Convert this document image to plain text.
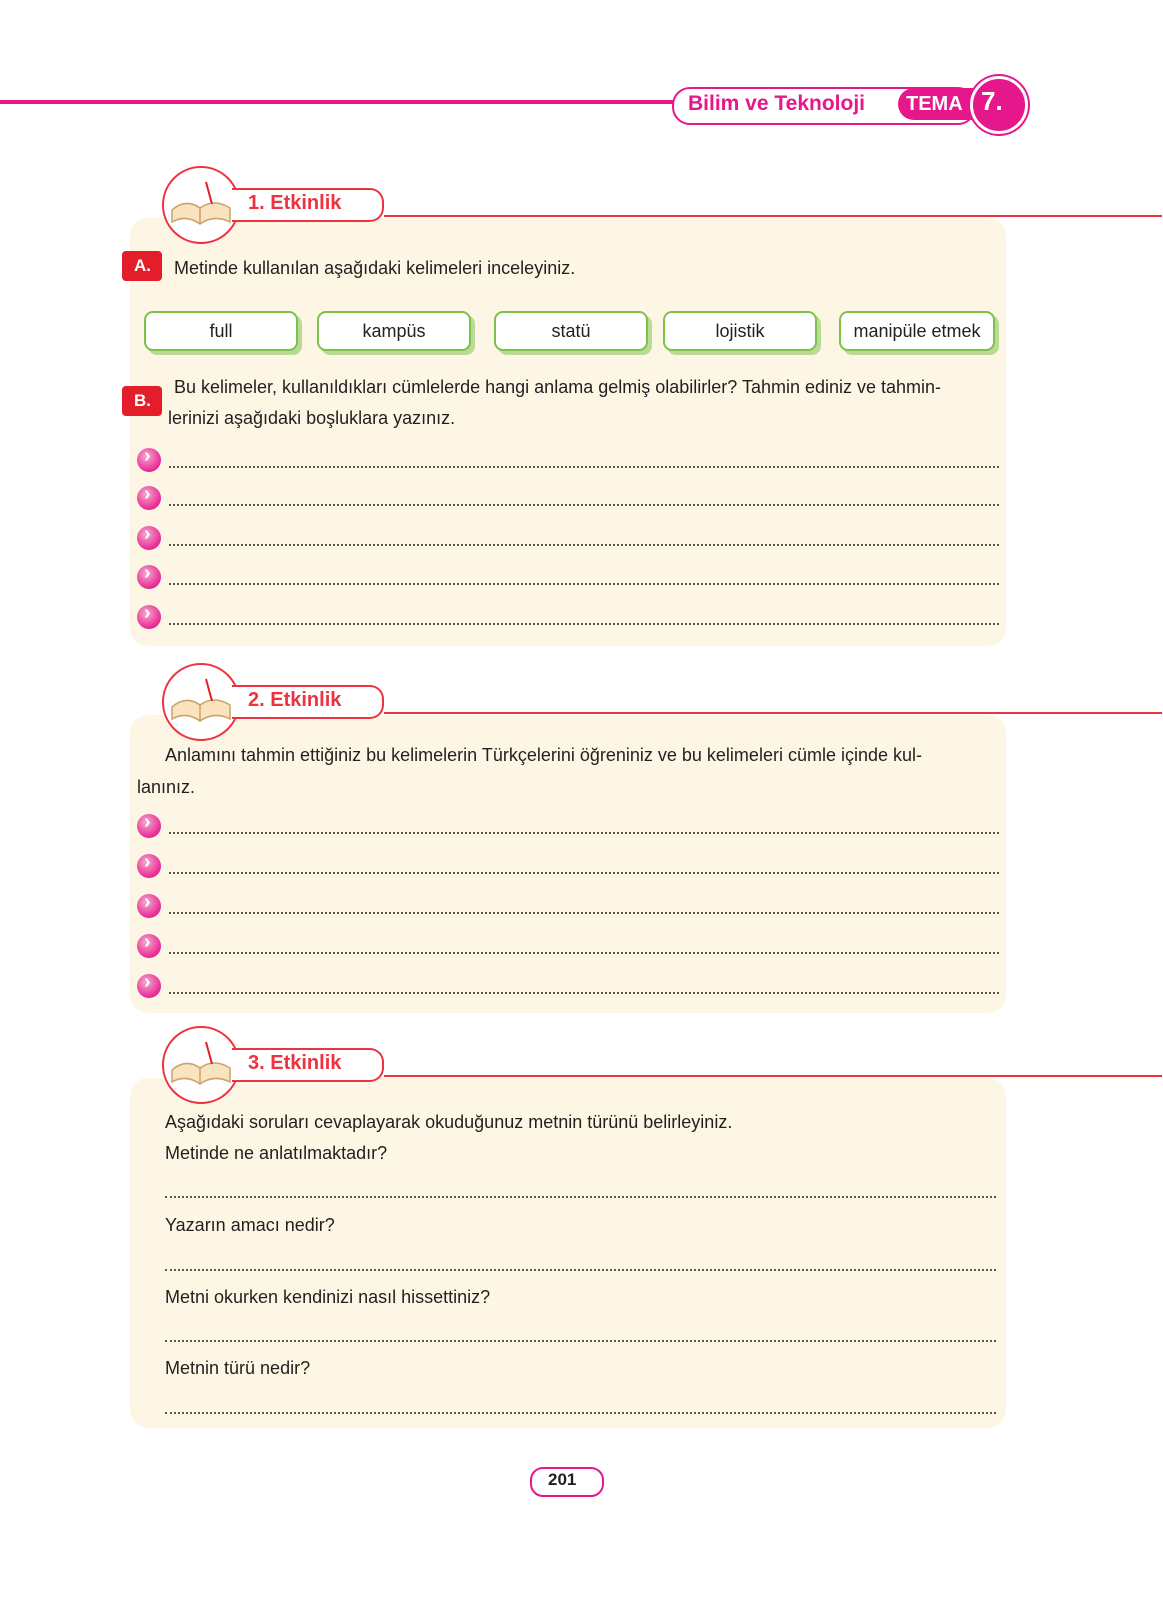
Bilim ve Teknoloji TEMA 7.
1. Etkinlik
A. Metinde kullanılan aşağıdaki kelimeleri inceleyiniz.
full	kampüs	statü	lojistik	manipüle etmek
B.
Bu kelimeler, kullanıldıkları cümlelerde hangi anlama gelmiş olabilirler? Tahmin ediniz ve tahmin-
lerinizi aşağıdaki boşluklara yazınız.
›
›
›
›
›
2. Etkinlik
Anlamını tahmin ettiğiniz bu kelimelerin Türkçelerini öğreniniz ve bu kelimeleri cümle içinde kul-
lanınız.
›
›
›
›
›
3. Etkinlik
Aşağıdaki soruları cevaplayarak okuduğunuz metnin türünü belirleyiniz.
Metinde ne anlatılmaktadır?
Yazarın amacı nedir?
Metni okurken kendinizi nasıl hissettiniz?
Metnin türü nedir?
201
